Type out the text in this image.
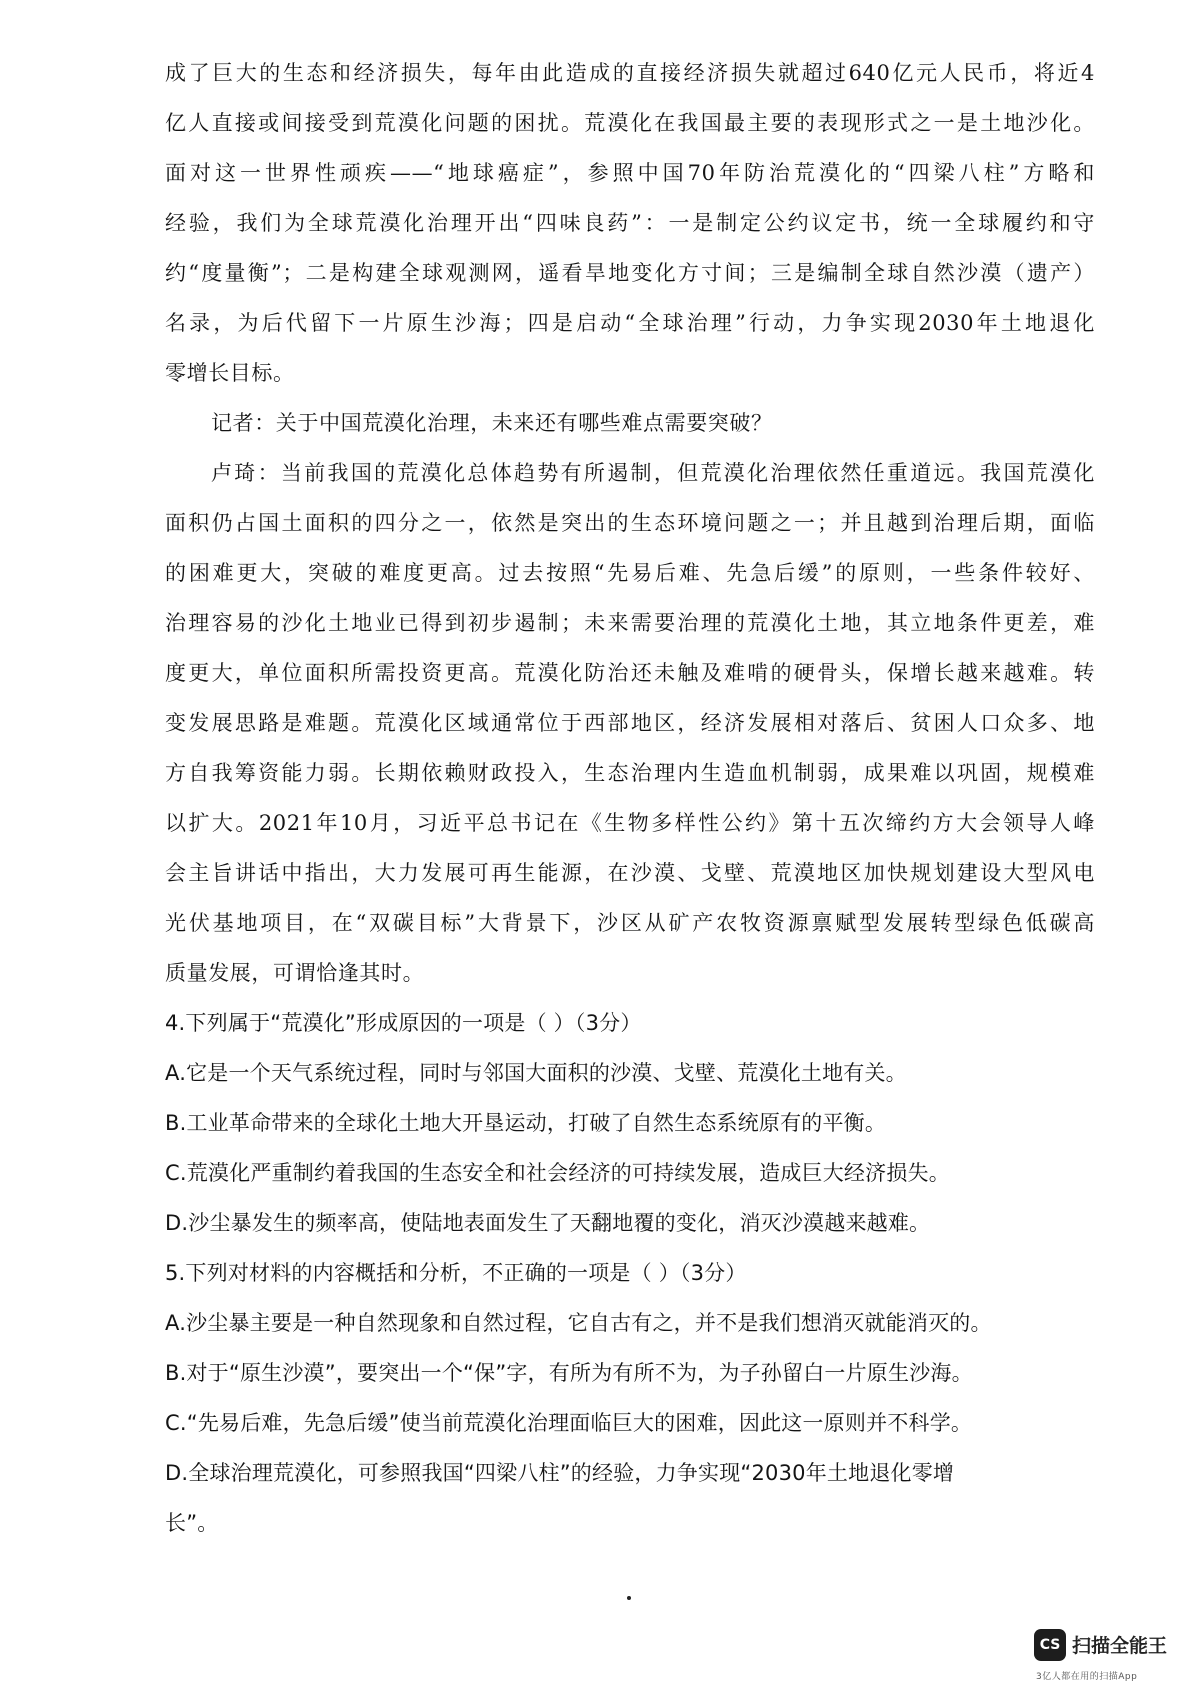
成了巨大的生态和经济损失，每年由此造成的直接经济损失就超过640亿元人民币，将近4
亿人直接或间接受到荒漠化问题的困扰。荒漠化在我国最主要的表现形式之一是土地沙化。
面对这一世界性顽疾——“地球癌症”，参照中国70年防治荒漠化的“四梁八柱”方略和
经验，我们为全球荒漠化治理开出“四味良药”：一是制定公约议定书，统一全球履约和守
约“度量衡”；二是构建全球观测网，遥看旱地变化方寸间；三是编制全球自然沙漠（遗产）
名录，为后代留下一片原生沙海；四是启动“全球治理”行动，力争实现2030年土地退化
零增长目标。
记者：关于中国荒漠化治理，未来还有哪些难点需要突破？
卢琦：当前我国的荒漠化总体趋势有所遏制，但荒漠化治理依然任重道远。我国荒漠化
面积仍占国土面积的四分之一，依然是突出的生态环境问题之一；并且越到治理后期，面临
的困难更大，突破的难度更高。过去按照“先易后难、先急后缓”的原则，一些条件较好、
治理容易的沙化土地业已得到初步遏制；未来需要治理的荒漠化土地，其立地条件更差，难
度更大，单位面积所需投资更高。荒漠化防治还未触及难啃的硬骨头，保增长越来越难。转
变发展思路是难题。荒漠化区域通常位于西部地区，经济发展相对落后、贫困人口众多、地
方自我筹资能力弱。长期依赖财政投入，生态治理内生造血机制弱，成果难以巩固，规模难
以扩大。2021年10月，习近平总书记在《生物多样性公约》第十五次缔约方大会领导人峰
会主旨讲话中指出，大力发展可再生能源，在沙漠、戈壁、荒漠地区加快规划建设大型风电
光伏基地项目，在“双碳目标”大背景下，沙区从矿产农牧资源禀赋型发展转型绿色低碳高
质量发展，可谓恰逢其时。
4.下列属于“荒漠化”形成原因的一项是（ ）（3分）
A.它是一个天气系统过程，同时与邻国大面积的沙漠、戈壁、荒漠化土地有关。
B.工业革命带来的全球化土地大开垦运动，打破了自然生态系统原有的平衡。
C.荒漠化严重制约着我国的生态安全和社会经济的可持续发展，造成巨大经济损失。
D.沙尘暴发生的频率高，使陆地表面发生了天翻地覆的变化，消灭沙漠越来越难。
5.下列对材料的内容概括和分析，不正确的一项是（ ）（3分）
A.沙尘暴主要是一种自然现象和自然过程，它自古有之，并不是我们想消灭就能消灭的。
B.对于“原生沙漠”，要突出一个“保”字，有所为有所不为，为子孙留白一片原生沙海。
C.“先易后难，先急后缓”使当前荒漠化治理面临巨大的困难，因此这一原则并不科学。
D.全球治理荒漠化，可参照我国“四梁八柱”的经验，力争实现“2030年土地退化零增
长”。
CS 扫描全能王
3亿人都在用的扫描App
